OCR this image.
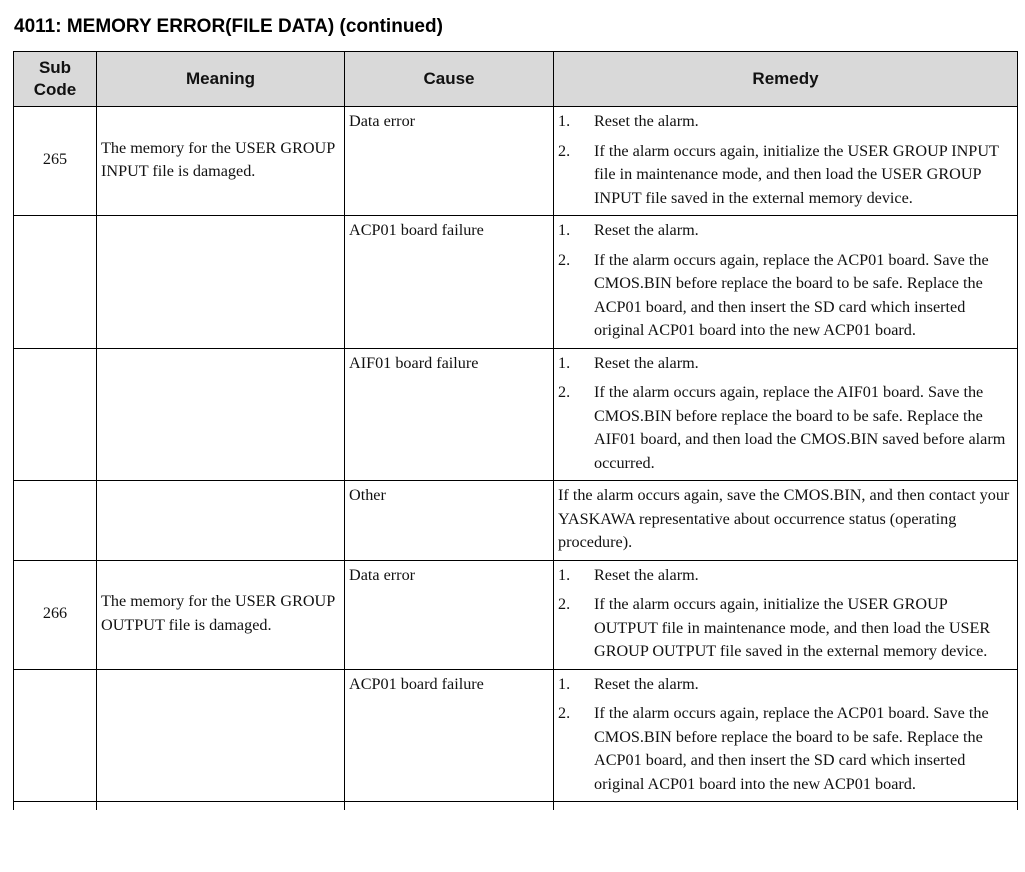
4011: MEMORY ERROR(FILE DATA) (continued)
Sub Code	Meaning	Cause	Remedy
265	The memory for the USER GROUP INPUT file is damaged.	Data error	1. Reset the alarm.
2. If the alarm occurs again, initialize the USER GROUP INPUT file in maintenance mode, and then load the USER GROUP INPUT file saved in the external memory device.

		ACP01 board failure	1. Reset the alarm.
2. If the alarm occurs again, replace the ACP01 board. Save the CMOS.BIN before replace the board to be safe. Replace the ACP01 board, and then insert the SD card which inserted original ACP01 board into the new ACP01 board.

		AIF01 board failure	1. Reset the alarm.
2. If the alarm occurs again, replace the AIF01 board. Save the CMOS.BIN before replace the board to be safe. Replace the AIF01 board, and then load the CMOS.BIN saved before alarm occurred.

		Other	If the alarm occurs again, save the CMOS.BIN, and then contact your YASKAWA representative about occurrence status (operating procedure).
266	The memory for the USER GROUP OUTPUT file is damaged.	Data error	1. Reset the alarm.
2. If the alarm occurs again, initialize the USER GROUP OUTPUT file in maintenance mode, and then load the USER GROUP OUTPUT file saved in the external memory device.

		ACP01 board failure	1. Reset the alarm.
2. If the alarm occurs again, replace the ACP01 board. Save the CMOS.BIN before replace the board to be safe. Replace the ACP01 board, and then insert the SD card which inserted original ACP01 board into the new ACP01 board.
